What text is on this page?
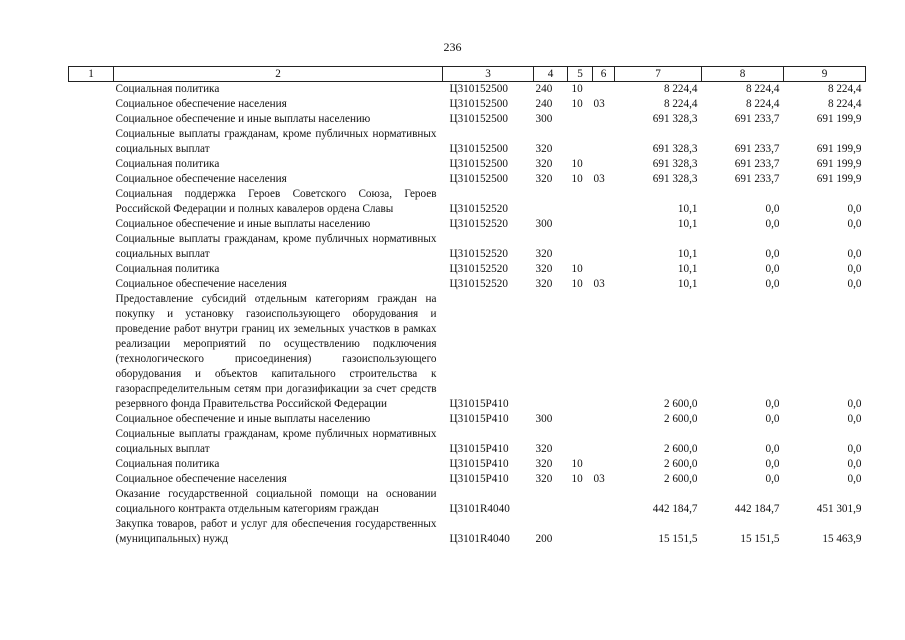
236
1	2	3	4	5	6	7	8	9
	Социальная политика	Ц310152500	240	10		8 224,4	8 224,4	8 224,4
	Социальное обеспечение населения	Ц310152500	240	10	03	8 224,4	8 224,4	8 224,4
	Социальное обеспечение и иные выплаты населению	Ц310152500	300			691 328,3	691 233,7	691 199,9
	Социальные выплаты гражданам, кроме публичных нормативных социальных выплат	Ц310152500	320			691 328,3	691 233,7	691 199,9
	Социальная политика	Ц310152500	320	10		691 328,3	691 233,7	691 199,9
	Социальное обеспечение населения	Ц310152500	320	10	03	691 328,3	691 233,7	691 199,9
	Социальная поддержка Героев Советского Союза, Героев Российской Федерации и полных кавалеров ордена Славы	Ц310152520				10,1	0,0	0,0
	Социальное обеспечение и иные выплаты населению	Ц310152520	300			10,1	0,0	0,0
	Социальные выплаты гражданам, кроме публичных нормативных социальных выплат	Ц310152520	320			10,1	0,0	0,0
	Социальная политика	Ц310152520	320	10		10,1	0,0	0,0
	Социальное обеспечение населения	Ц310152520	320	10	03	10,1	0,0	0,0
	Предоставление субсидий отдельным категориям граждан на покупку и установку газоиспользующего оборудования и проведение работ внутри границ их земельных участков в рамках реализации мероприятий по осуществлению подключения (технологического присоединения) газоиспользующего оборудования и объектов капитального строительства к газораспределительным сетям при догазификации за счет средств резервного фонда Правительства Российской Федерации	Ц31015Р410				2 600,0	0,0	0,0
	Социальное обеспечение и иные выплаты населению	Ц31015Р410	300			2 600,0	0,0	0,0
	Социальные выплаты гражданам, кроме публичных нормативных социальных выплат	Ц31015Р410	320			2 600,0	0,0	0,0
	Социальная политика	Ц31015Р410	320	10		2 600,0	0,0	0,0
	Социальное обеспечение населения	Ц31015Р410	320	10	03	2 600,0	0,0	0,0
	Оказание государственной социальной помощи на основании социального контракта отдельным категориям граждан	Ц3101R4040				442 184,7	442 184,7	451 301,9
	Закупка товаров, работ и услуг для обеспечения государственных (муниципальных) нужд	Ц3101R4040	200			15 151,5	15 151,5	15 463,9
